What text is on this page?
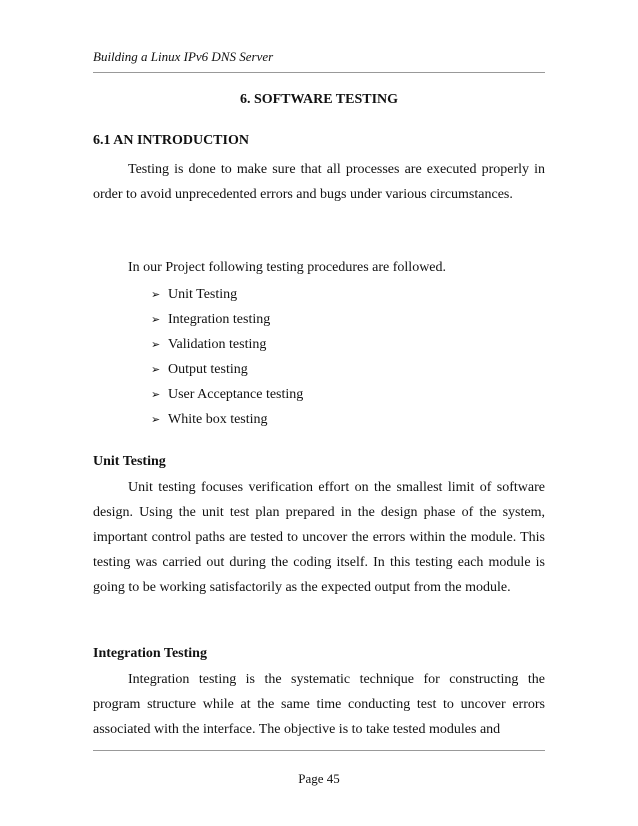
Building a Linux IPv6 DNS Server
6. SOFTWARE TESTING
6.1 AN INTRODUCTION

Testing is done to make sure that all processes are executed properly in order to avoid unprecedented errors and bugs under various circumstances.

In our Project following testing procedures are followed.
➢ Unit Testing
➢ Integration testing
➢ Validation testing
➢ Output testing
➢ User Acceptance testing
➢ White box testing
Unit Testing

Unit testing focuses verification effort on the smallest limit of software design. Using the unit test plan prepared in the design phase of the system, important control paths are tested to uncover the errors within the module. This testing was carried out during the coding itself. In this testing each module is going to be working satisfactorily as the expected output from the module.

Integration Testing

Integration testing is the systematic technique for constructing the program structure while at the same time conducting test to uncover errors associated with the interface. The objective is to take tested modules and

Page 45
